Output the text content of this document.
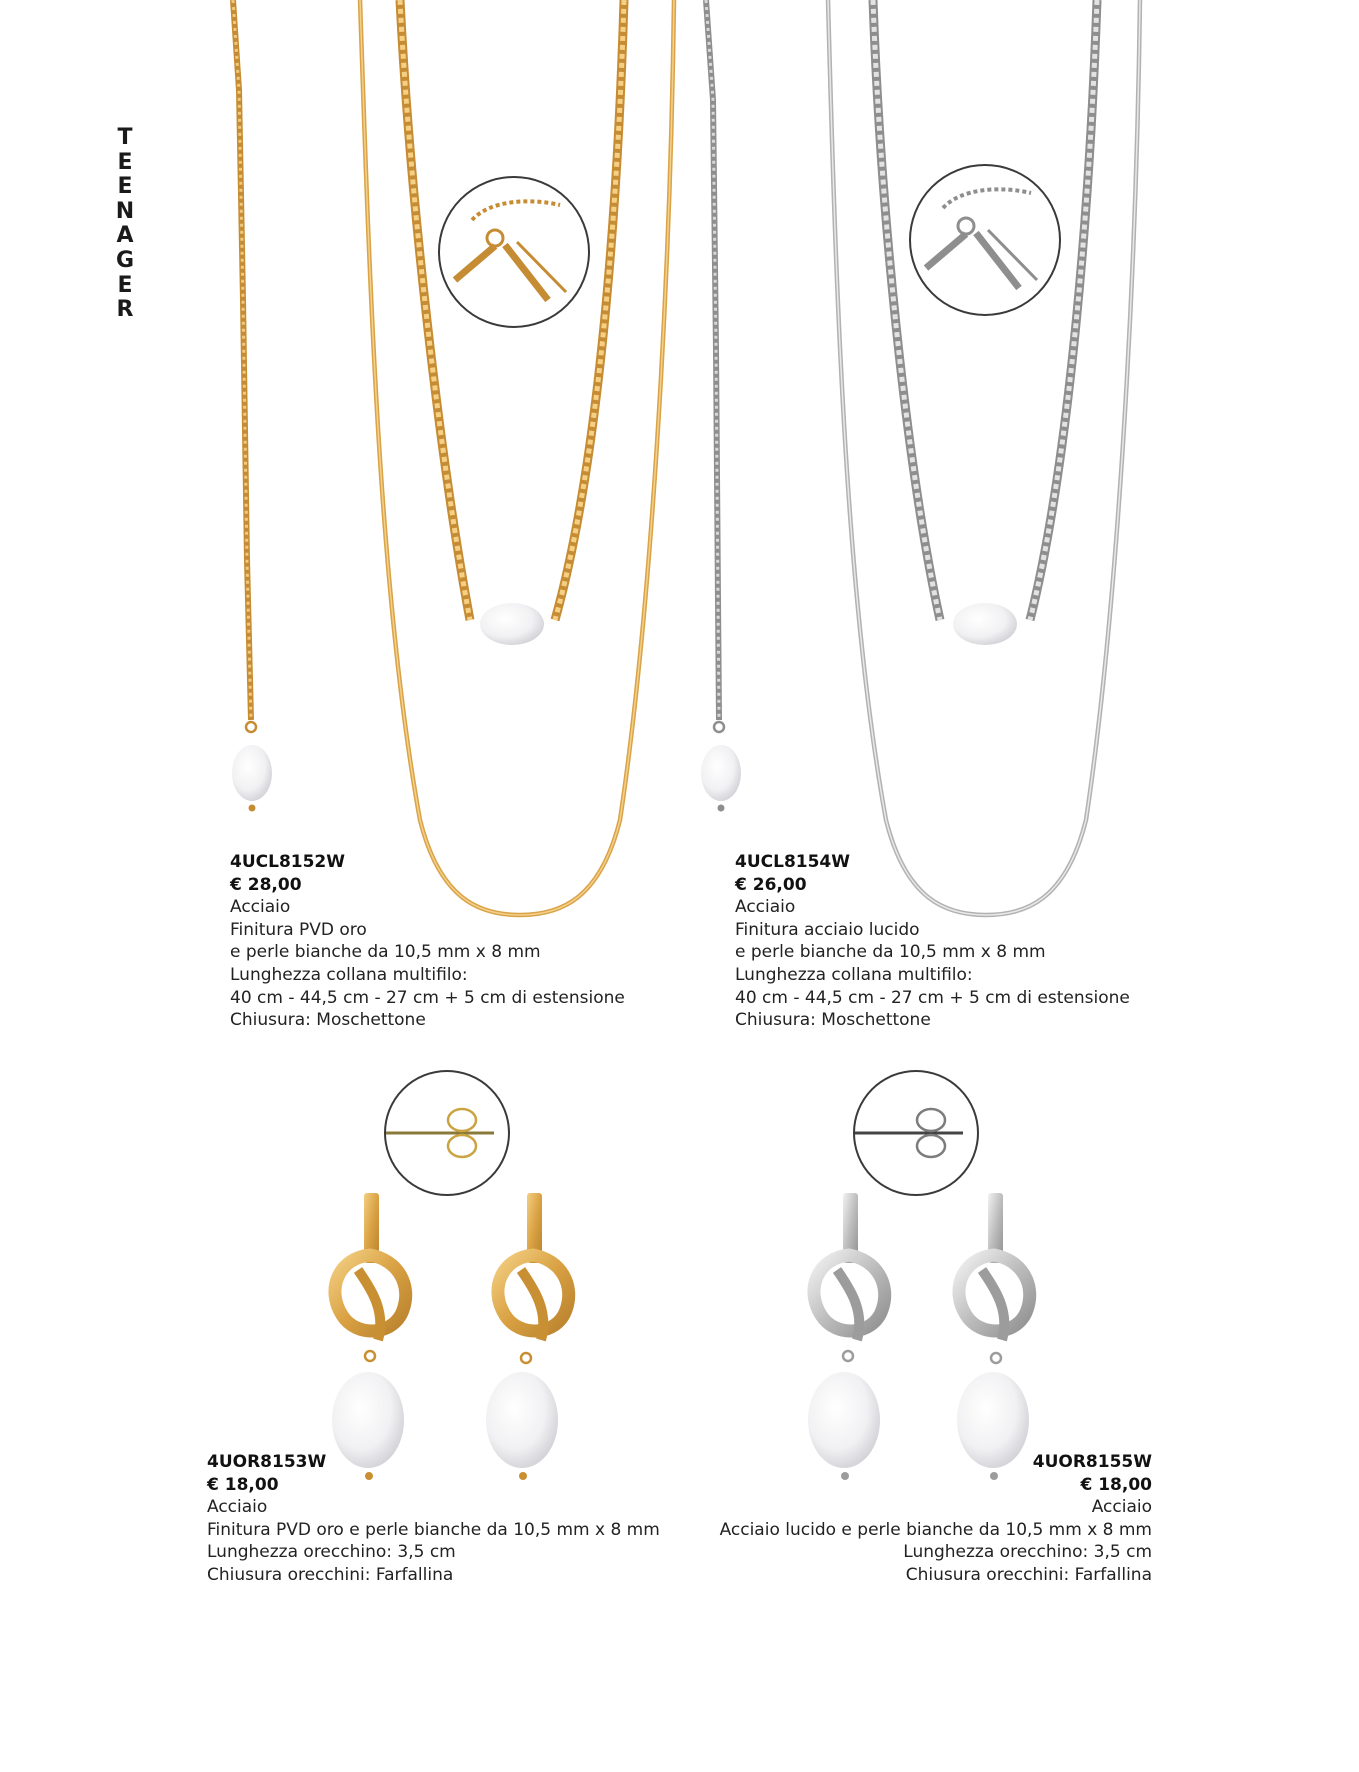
T
E
E
N
A
G
E
R
4UCL8152W
€ 28,00
Acciaio
Finitura PVD oro
e perle bianche da 10,5 mm x 8 mm
Lunghezza collana multifilo:
40 cm - 44,5 cm - 27 cm + 5 cm di estensione
Chiusura: Moschettone
4UCL8154W
€ 26,00
Acciaio
Finitura acciaio lucido
e perle bianche da 10,5 mm x 8 mm
Lunghezza collana multifilo:
40 cm - 44,5 cm - 27 cm + 5 cm di estensione
Chiusura: Moschettone
4UOR8153W
€ 18,00
Acciaio
Finitura PVD oro e perle bianche da 10,5 mm x 8 mm
Lunghezza orecchino: 3,5 cm
Chiusura orecchini: Farfallina
4UOR8155W
€ 18,00
Acciaio
Acciaio lucido e perle bianche da 10,5 mm x 8 mm
Lunghezza orecchino: 3,5 cm
Chiusura orecchini: Farfallina
